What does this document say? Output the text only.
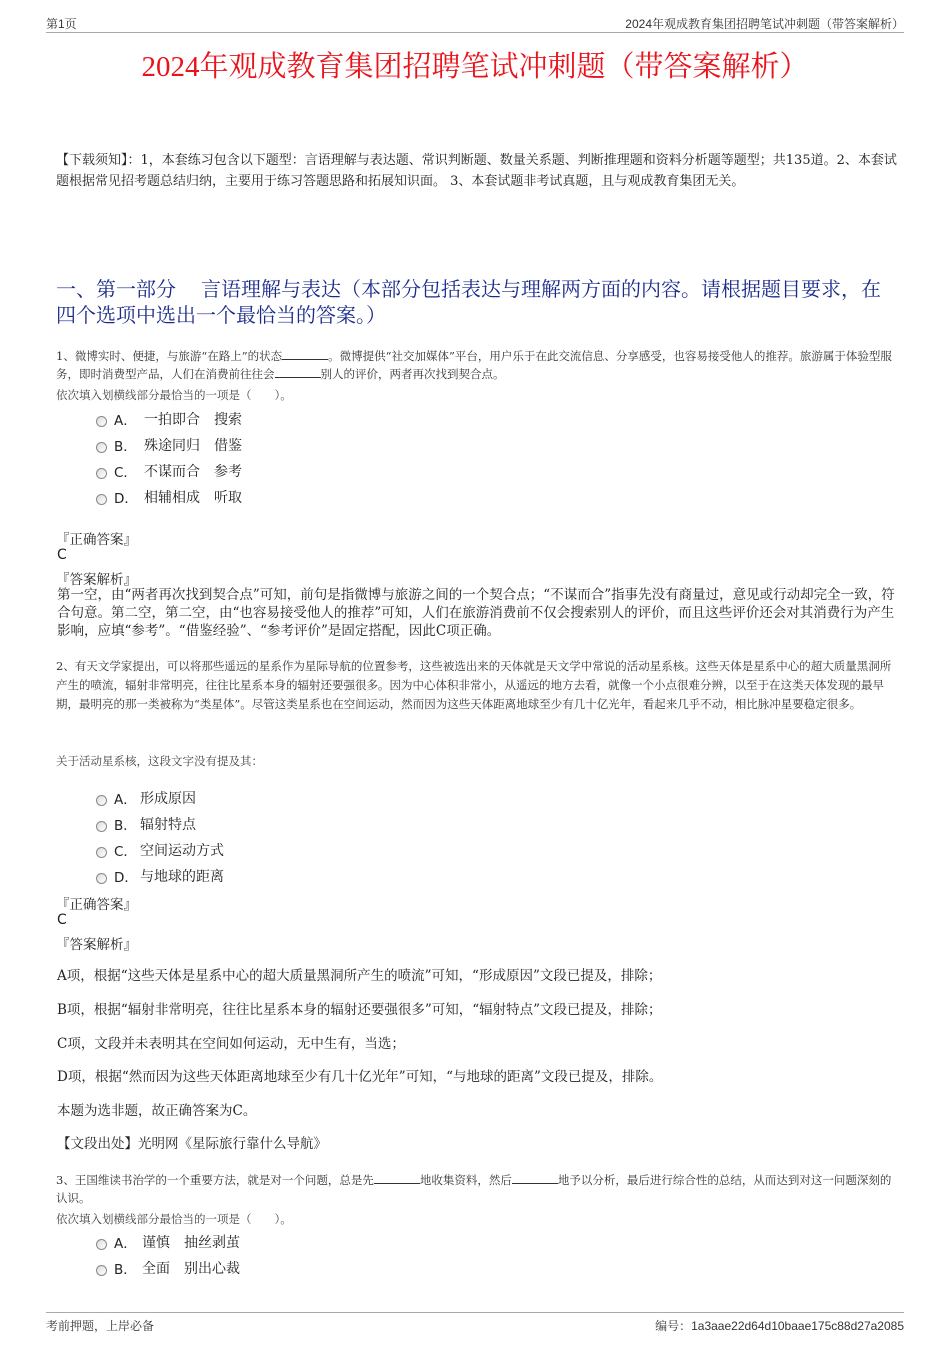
第1页	2024年观成教育集团招聘笔试冲刺题（带答案解析）
2024年观成教育集团招聘笔试冲刺题（带答案解析）
【下载须知】：1，本套练习包含以下题型：言语理解与表达题、常识判断题、数量关系题、判断推理题和资料分析题等题型；共135道。2、本套试题根据常见招考题总结归纳，主要用于练习答题思路和拓展知识面。 3、本套试题非考试真题，且与观成教育集团无关。
一、第一部分　 言语理解与表达（本部分包括表达与理解两方面的内容。请根据题目要求，在四个选项中选出一个最恰当的答案。）
1、微博实时、便捷，与旅游“在路上”的状态	。微博提供“社交加媒体”平台，用户乐于在此交流信息、分享感受，也容易接受他人的推荐。旅游属于体验型服务，即时消费型产品，人们在消费前往往会	别人的评价，两者再次找到契合点。
依次填入划横线部分最恰当的一项是（　　）。
A． 一拍即合　搜索
B． 殊途同归　借鉴
C． 不谋而合　参考
D． 相辅相成　听取
『正确答案』
C
『答案解析』
第一空，由“两者再次找到契合点”可知，前句是指微博与旅游之间的一个契合点；“不谋而合”指事先没有商量过，意见或行动却完全一致，符合句意。第二空，第二空，由“也容易接受他人的推荐”可知，人们在旅游消费前不仅会搜索别人的评价，而且这些评价还会对其消费行为产生影响，应填“参考”。“借鉴经验”、“参考评价”是固定搭配，因此C项正确。
2、有天文学家提出，可以将那些遥远的星系作为星际导航的位置参考，这些被选出来的天体就是天文学中常说的活动星系核。这些天体是星系中心的超大质量黑洞所产生的喷流，辐射非常明亮，往往比星系本身的辐射还要强很多。因为中心体积非常小，从遥远的地方去看，就像一个小点很难分辨，以至于在这类天体发现的最早期，最明亮的那一类被称为“类星体”。尽管这类星系也在空间运动，然而因为这些天体距离地球至少有几十亿光年，看起来几乎不动，相比脉冲星要稳定很多。
关于活动星系核，这段文字没有提及其：
A． 形成原因
B． 辐射特点
C． 空间运动方式
D． 与地球的距离
『正确答案』
C
『答案解析』
A项，根据“这些天体是星系中心的超大质量黑洞所产生的喷流”可知，“形成原因”文段已提及，排除；
B项，根据“辐射非常明亮，往往比星系本身的辐射还要强很多”可知，“辐射特点”文段已提及，排除；
C项，文段并未表明其在空间如何运动，无中生有，当选；
D项，根据“然而因为这些天体距离地球至少有几十亿光年”可知，“与地球的距离”文段已提及，排除。
本题为选非题，故正确答案为C。
【文段出处】光明网《星际旅行靠什么导航》
3、王国维读书治学的一个重要方法，就是对一个问题，总是先	地收集资料，然后	地予以分析，最后进行综合性的总结，从而达到对这一问题深刻的认识。
依次填入划横线部分最恰当的一项是（　　）。
A． 谨慎　抽丝剥茧
B． 全面　别出心裁
考前押题，上岸必备	编号：1a3aae22d64d10baae175c88d27a2085
